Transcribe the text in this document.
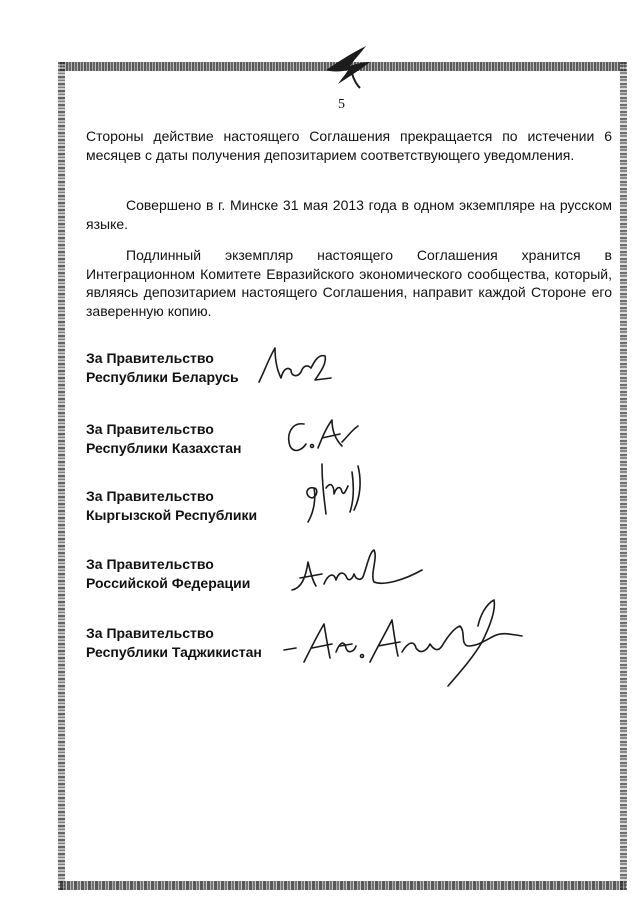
5

Стороны действие настоящего Соглашения прекращается по истечении 6 месяцев с даты получения депозитарием соответствующего уведомления.

Совершено в г. Минске 31 мая 2013 года в одном экземпляре на русском языке.

Подлинный экземпляр настоящего Соглашения хранится в Интеграционном Комитете Евразийского экономического сообщества, который, являясь депозитарием настоящего Соглашения, направит каждой Стороне его заверенную копию.

За Правительство
Республики Беларусь
За Правительство
Республики Казахстан
За Правительство
Кыргызской Республики
За Правительство
Российской Федерации
За Правительство
Республики Таджикистан
